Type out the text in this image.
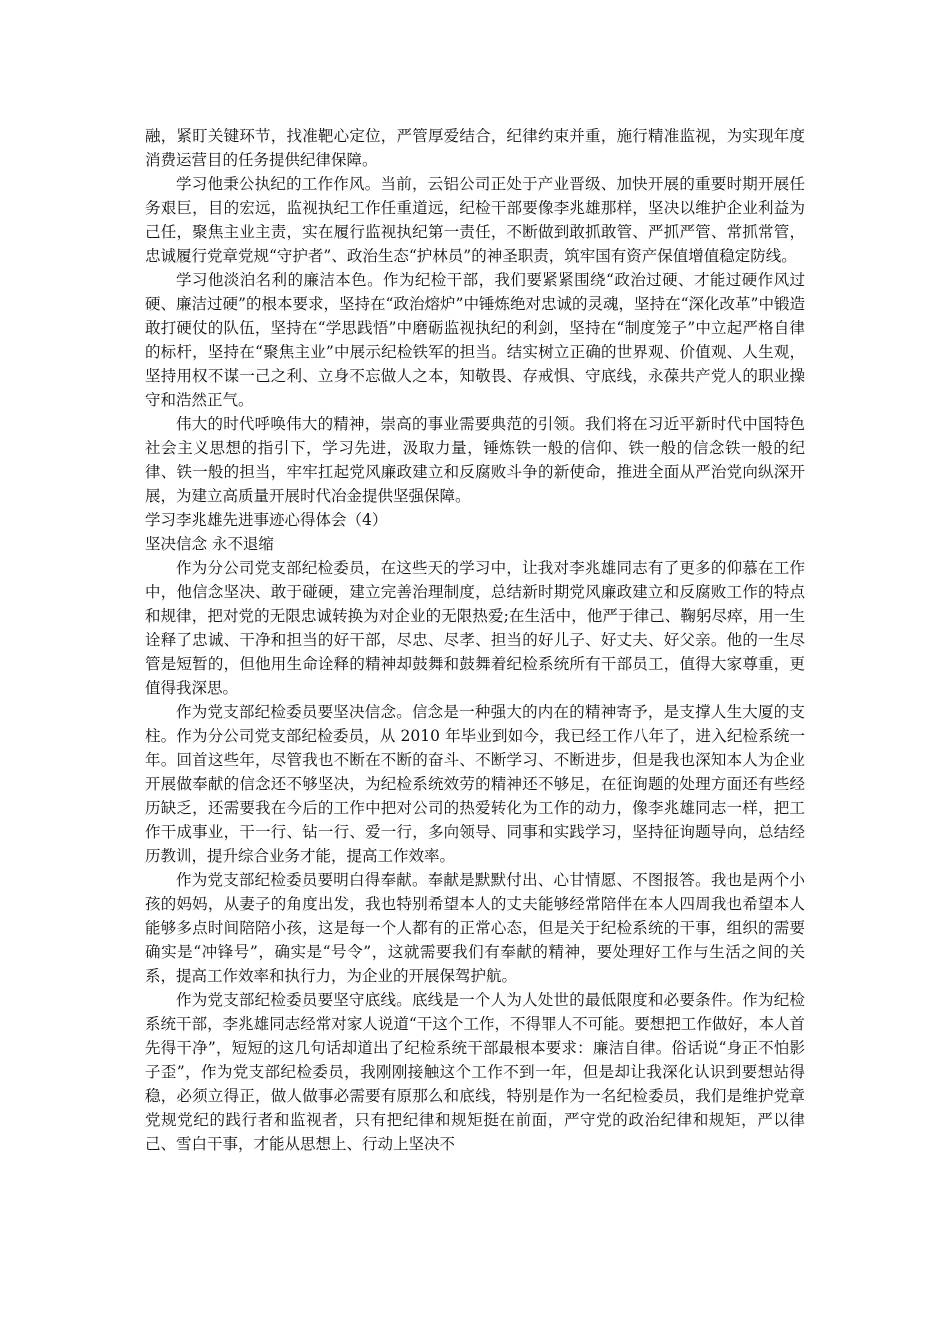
融，紧盯关键环节，找准靶心定位，严管厚爱结合，纪律约束并重，施行精准监视，为实现年度消费运营目的任务提供纪律保障。

学习他秉公执纪的工作作风。当前，云铝公司正处于产业晋级、加快开展的重要时期开展任务艰巨，目的宏远，监视执纪工作任重道远，纪检干部要像李兆雄那样，坚决以维护企业利益为己任，聚焦主业主责，实在履行监视执纪第一责任，不断做到敢抓敢管、严抓严管、常抓常管，忠诚履行党章党规“守护者”、政治生态“护林员”的神圣职责，筑牢国有资产保值增值稳定防线。

学习他淡泊名利的廉洁本色。作为纪检干部，我们要紧紧围绕“政治过硬、才能过硬作风过硬、廉洁过硬”的根本要求，坚持在“政治熔炉”中锤炼绝对忠诚的灵魂，坚持在“深化改革”中锻造敢打硬仗的队伍，坚持在“学思践悟”中磨砺监视执纪的利剑，坚持在“制度笼子”中立起严格自律的标杆，坚持在“聚焦主业”中展示纪检铁军的担当。结实树立正确的世界观、价值观、人生观，坚持用权不谋一己之利、立身不忘做人之本，知敬畏、存戒惧、守底线，永葆共产党人的职业操守和浩然正气。

伟大的时代呼唤伟大的精神，崇高的事业需要典范的引领。我们将在习近平新时代中国特色社会主义思想的指引下，学习先进，汲取力量，锤炼铁一般的信仰、铁一般的信念铁一般的纪律、铁一般的担当，牢牢扛起党风廉政建立和反腐败斗争的新使命，推进全面从严治党向纵深开展，为建立高质量开展时代冶金提供坚强保障。

学习李兆雄先进事迹心得体会（4）

坚决信念 永不退缩

作为分公司党支部纪检委员，在这些天的学习中，让我对李兆雄同志有了更多的仰慕在工作中，他信念坚决、敢于碰硬，建立完善治理制度，总结新时期党风廉政建立和反腐败工作的特点和规律，把对党的无限忠诚转换为对企业的无限热爱;在生活中，他严于律己、鞠躬尽瘁，用一生诠释了忠诚、干净和担当的好干部，尽忠、尽孝、担当的好儿子、好丈夫、好父亲。他的一生尽管是短暂的，但他用生命诠释的精神却鼓舞和鼓舞着纪检系统所有干部员工，值得大家尊重，更值得我深思。

作为党支部纪检委员要坚决信念。信念是一种强大的内在的精神寄予，是支撑人生大厦的支柱。作为分公司党支部纪检委员，从 2010 年毕业到如今，我已经工作八年了，进入纪检系统一年。回首这些年，尽管我也不断在不断的奋斗、不断学习、不断进步，但是我也深知本人为企业开展做奉献的信念还不够坚决，为纪检系统效劳的精神还不够足，在征询题的处理方面还有些经历缺乏，还需要我在今后的工作中把对公司的热爱转化为工作的动力，像李兆雄同志一样，把工作干成事业，干一行、钻一行、爱一行，多向领导、同事和实践学习，坚持征询题导向，总结经历教训，提升综合业务才能，提高工作效率。

作为党支部纪检委员要明白得奉献。奉献是默默付出、心甘情愿、不图报答。我也是两个小孩的妈妈，从妻子的角度出发，我也特别希望本人的丈夫能够经常陪伴在本人四周我也希望本人能够多点时间陪陪小孩，这是每一个人都有的正常心态，但是关于纪检系统的干事，组织的需要确实是“冲锋号”，确实是“号令”，这就需要我们有奉献的精神，要处理好工作与生活之间的关系，提高工作效率和执行力，为企业的开展保驾护航。

作为党支部纪检委员要坚守底线。底线是一个人为人处世的最低限度和必要条件。作为纪检系统干部，李兆雄同志经常对家人说道“干这个工作，不得罪人不可能。要想把工作做好，本人首先得干净”，短短的这几句话却道出了纪检系统干部最根本要求：廉洁自律。俗话说“身正不怕影子歪”，作为党支部纪检委员，我刚刚接触这个工作不到一年，但是却让我深化认识到要想站得稳，必须立得正，做人做事必需要有原那么和底线，特别是作为一名纪检委员，我们是维护党章党规党纪的践行者和监视者，只有把纪律和规矩挺在前面，严守党的政治纪律和规矩，严以律己、雪白干事，才能从思想上、行动上坚决不
